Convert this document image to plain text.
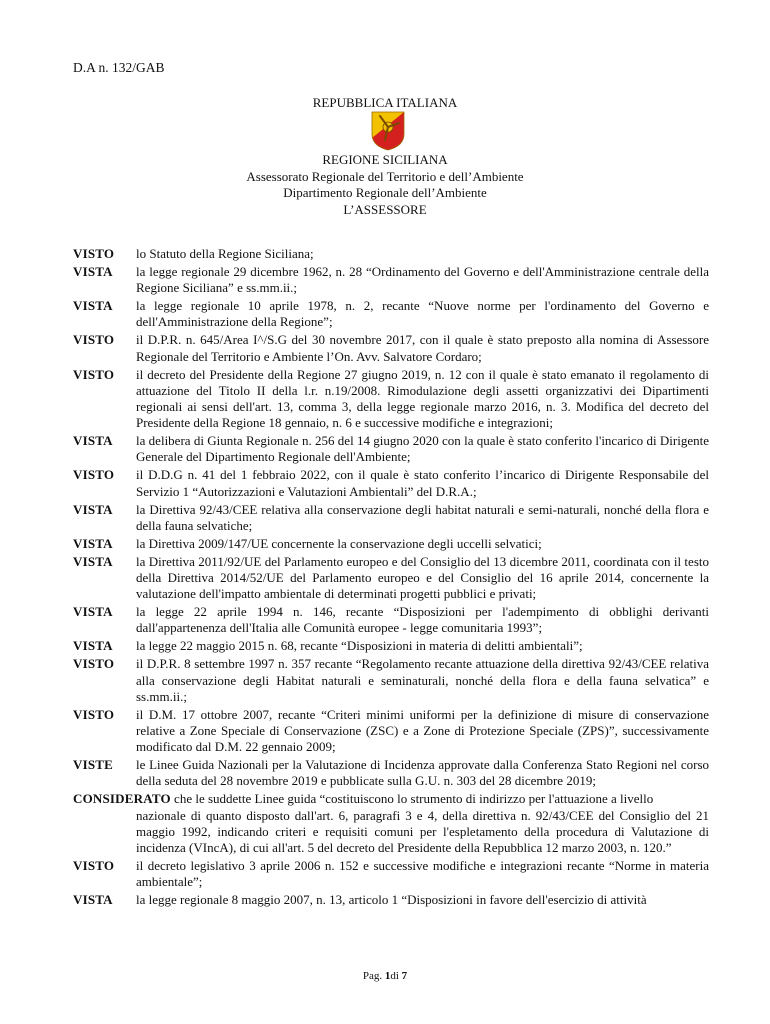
D.A n. 132/GAB
REPUBBLICA ITALIANA
REGIONE SICILIANA
Assessorato Regionale del Territorio e dell’Ambiente
Dipartimento Regionale dell’Ambiente
L’ASSESSORE
VISTO	lo Statuto della Regione Siciliana;
VISTA	la legge regionale 29 dicembre 1962, n. 28 “Ordinamento del Governo e dell'Amministrazione centrale della Regione Siciliana” e ss.mm.ii.;
VISTA	la legge regionale 10 aprile 1978, n. 2, recante “Nuove norme per l'ordinamento del Governo e dell'Amministrazione della Regione”;
VISTO	il D.P.R. n. 645/Area I^/S.G del 30 novembre 2017, con il quale è stato preposto alla nomina di Assessore Regionale del Territorio e Ambiente l’On. Avv. Salvatore Cordaro;
VISTO	il decreto del Presidente della Regione 27 giugno 2019, n. 12 con il quale è stato emanato il regolamento di attuazione del Titolo II della l.r. n.19/2008. Rimodulazione degli assetti organizzativi dei Dipartimenti regionali ai sensi dell'art. 13, comma 3, della legge regionale marzo 2016, n. 3. Modifica del decreto del Presidente della Regione 18 gennaio, n. 6 e successive modifiche e integrazioni;
VISTA	la delibera di Giunta Regionale n. 256 del 14 giugno 2020 con la quale è stato conferito l'incarico di Dirigente Generale del Dipartimento Regionale dell'Ambiente;
VISTO	il D.D.G n. 41 del 1 febbraio 2022, con il quale è stato conferito l’incarico di Dirigente Responsabile del Servizio 1 “Autorizzazioni e Valutazioni Ambientali” del D.R.A.;
VISTA	la Direttiva 92/43/CEE relativa alla conservazione degli habitat naturali e semi-naturali, nonché della flora e della fauna selvatiche;
VISTA	la Direttiva 2009/147/UE concernente la conservazione degli uccelli selvatici;
VISTA	la Direttiva 2011/92/UE del Parlamento europeo e del Consiglio del 13 dicembre 2011, coordinata con il testo della Direttiva 2014/52/UE del Parlamento europeo e del Consiglio del 16 aprile 2014, concernente la valutazione dell'impatto ambientale di determinati progetti pubblici e privati;
VISTA	la legge 22 aprile 1994 n. 146, recante “Disposizioni per l'adempimento di obblighi derivanti dall'appartenenza dell'Italia alle Comunità europee - legge comunitaria 1993”;
VISTA	la legge 22 maggio 2015 n. 68, recante “Disposizioni in materia di delitti ambientali”;
VISTO	il D.P.R. 8 settembre 1997 n. 357 recante “Regolamento recante attuazione della direttiva 92/43/CEE relativa alla conservazione degli Habitat naturali e seminaturali, nonché della flora e della fauna selvatica” e ss.mm.ii.;
VISTO	il D.M. 17 ottobre 2007, recante “Criteri minimi uniformi per la definizione di misure di conservazione relative a Zone Speciale di Conservazione (ZSC) e a Zone di Protezione Speciale (ZPS)”, successivamente modificato dal D.M. 22 gennaio 2009;
VISTE	le Linee Guida Nazionali per la Valutazione di Incidenza approvate dalla Conferenza Stato Regioni nel corso della seduta del 28 novembre 2019 e pubblicate sulla G.U. n. 303 del 28 dicembre 2019;
CONSIDERATO che le suddette Linee guida “costituiscono lo strumento di indirizzo per l'attuazione a livello
nazionale di quanto disposto dall'art. 6, paragrafi 3 e 4, della direttiva n. 92/43/CEE del Consiglio del 21 maggio 1992, indicando criteri e requisiti comuni per l'espletamento della procedura di Valutazione di incidenza (VIncA), di cui all'art. 5 del decreto del Presidente della Repubblica 12 marzo 2003, n. 120.”
VISTO	il decreto legislativo 3 aprile 2006 n. 152 e successive modifiche e integrazioni recante “Norme in materia ambientale”;
VISTA	la legge regionale 8 maggio 2007, n. 13, articolo 1 “Disposizioni in favore dell'esercizio di attività
Pag. 1di 7
